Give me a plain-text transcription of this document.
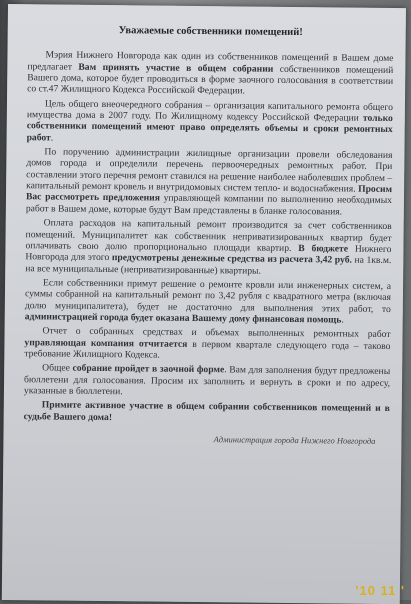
Уважаемые собственники помещений!

Мэрия Нижнего Новгорода как один из собственников помещений в Вашем доме предлагает Вам принять участие в общем собрании собственников помещений Вашего дома, которое будет проводиться в форме заочного голосования в соответствии со ст.47 Жилищного Кодекса Российской Федерации.

Цель общего внеочередного собрания – организация капитального ремонта общего имущества дома в 2007 году. По Жилищному кодексу Российской Федерации только собственники помещений имеют право определять объемы и сроки ремонтных работ.

По поручению администрации жилищные организации провели обследования домов города и определили перечень первоочередных ремонтных работ. При составлении этого перечня ремонт ставился на решение наиболее наболевших проблем – капитальный ремонт кровель и внутридомовых систем тепло- и водоснабжения. Просим Вас рассмотреть предложения управляющей компании по выполнению необходимых работ в Вашем доме, которые будут Вам представлены в бланке голосования.

Оплата расходов на капитальный ремонт производится за счет собственников помещений. Муниципалитет как собственник неприватизированных квартир будет оплачивать свою долю пропорционально площади квартир. В бюджете Нижнего Новгорода для этого предусмотрены денежные средства из расчета 3,42 руб. на 1кв.м. на все муниципальные (неприватизированные) квартиры.

Если собственники примут решение о ремонте кровли или инженерных систем, а суммы собранной на капитальный ремонт по 3,42 рубля с квадратного метра (включая долю муниципалитета), будет не достаточно для выполнения этих работ, то администрацией города будет оказана Вашему дому финансовая помощь.

Отчет о собранных средствах и объемах выполненных ремонтных работ управляющая компания отчитается в первом квартале следующего года – таково требование Жилищного Кодекса.

Общее собрание пройдет в заочной форме. Вам для заполнения будут предложены бюллетени для голосования. Просим их заполнить и вернуть в сроки и по адресу, указанные в бюллетени.

Примите активное участие в общем собрании собственников помещений и в судьбе Вашего дома!

Администрация города Нижнего Новгорода
'10 11 '
